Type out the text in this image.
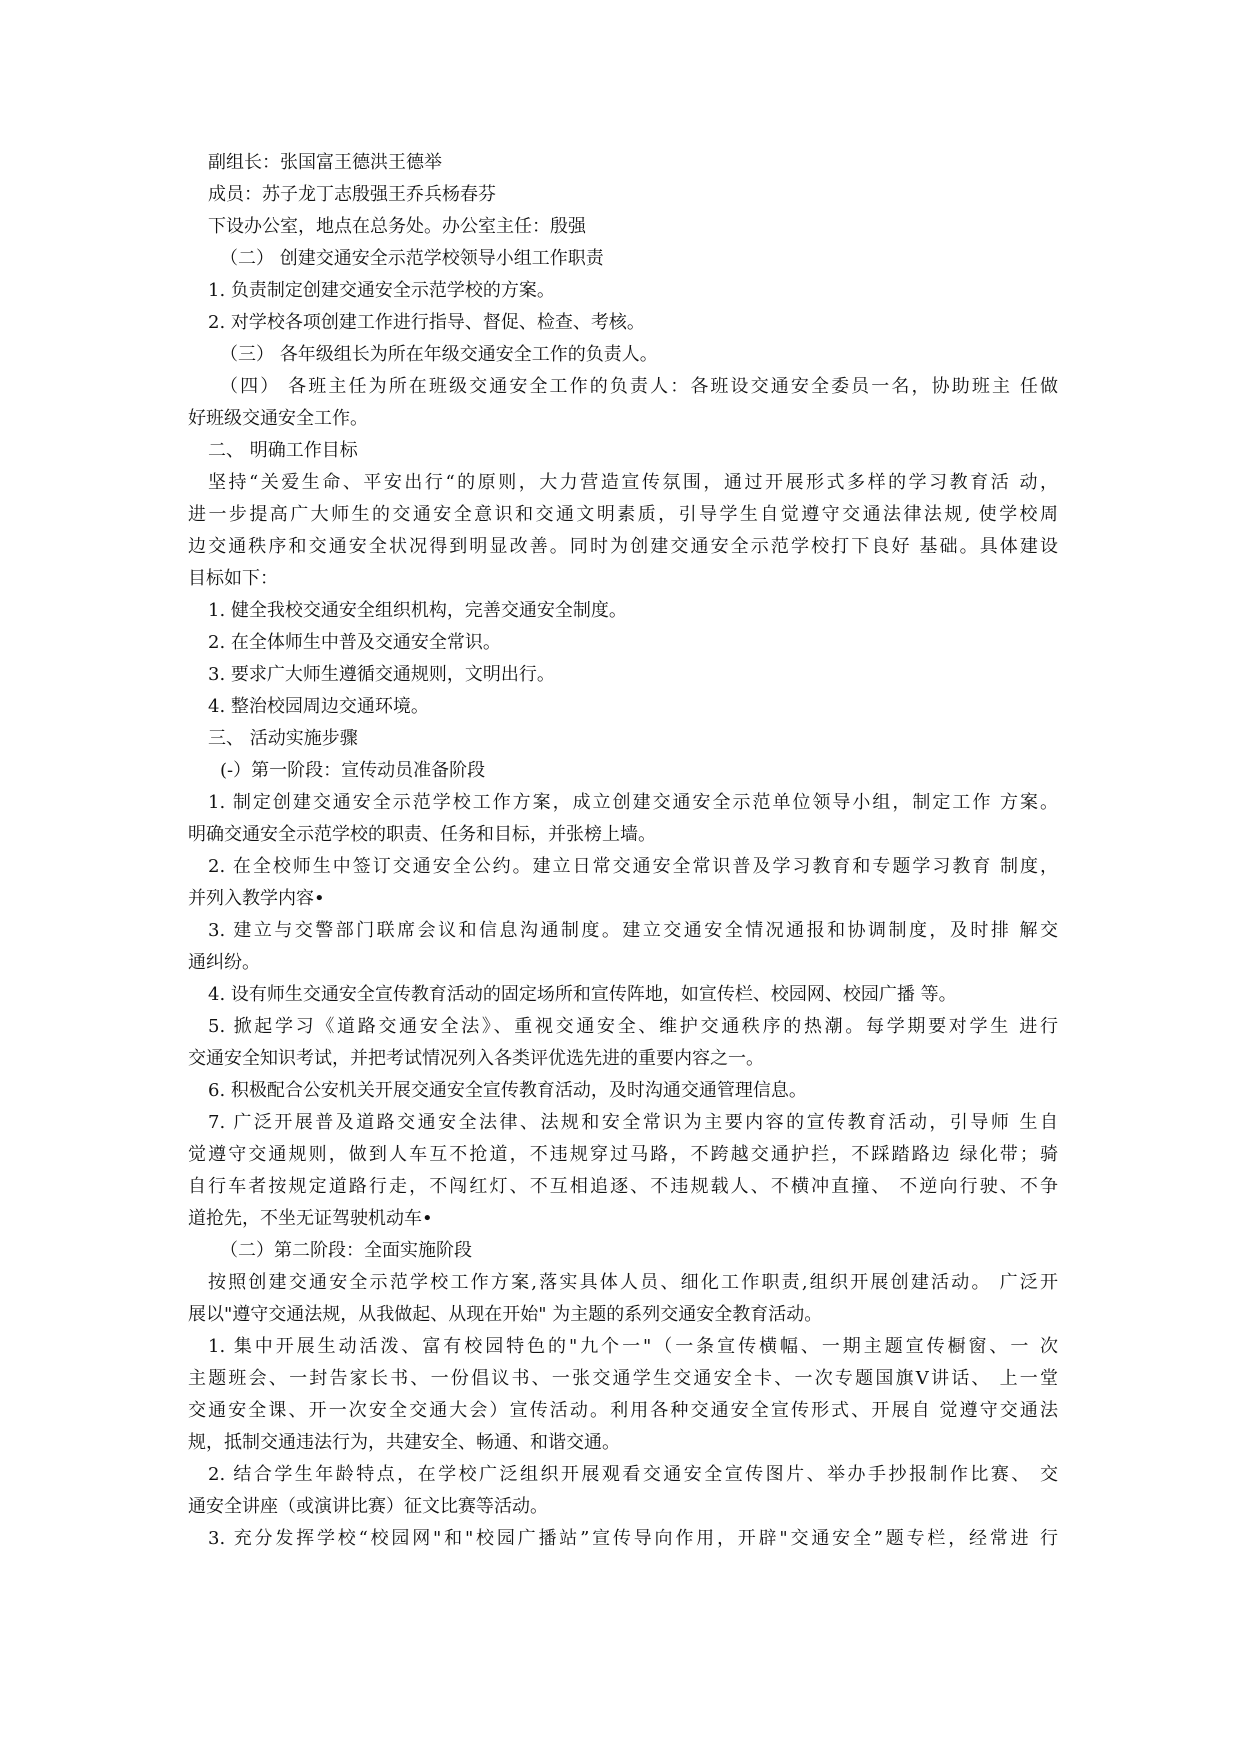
副组长：张国富王德洪王德举
成员：苏子龙丁志殷强王乔兵杨春芬
下设办公室，地点在总务处。办公室主任：殷强
（二） 创建交通安全示范学校领导小组工作职责
1. 负责制定创建交通安全示范学校的方案。
2. 对学校各项创建工作进行指导、督促、检查、考核。
（三） 各年级组长为所在年级交通安全工作的负责人。
（四） 各班主任为所在班级交通安全工作的负责人：各班设交通安全委员一名，协助班主 任做
好班级交通安全工作。
二、 明确工作目标
坚持“关爱生命、平安出行“的原则，大力营造宣传氛围，通过开展形式多样的学习教育活 动，
进一步提高广大师生的交通安全意识和交通文明素质，引导学生自觉遵守交通法律法规, 使学校周
边交通秩序和交通安全状况得到明显改善。同时为创建交通安全示范学校打下良好 基础。具体建设
目标如下：
1. 健全我校交通安全组织机构，完善交通安全制度。
2. 在全体师生中普及交通安全常识。
3. 要求广大师生遵循交通规则，文明出行。
4. 整治校园周边交通环境。
三、 活动实施步骤
(-）第一阶段：宣传动员准备阶段
1. 制定创建交通安全示范学校工作方案，成立创建交通安全示范单位领导小组，制定工作 方案。
明确交通安全示范学校的职责、任务和目标，并张榜上墙。
2. 在全校师生中签订交通安全公约。建立日常交通安全常识普及学习教育和专题学习教育 制度，
并列入教学内容•
3. 建立与交警部门联席会议和信息沟通制度。建立交通安全情况通报和协调制度，及时排 解交
通纠纷。
4. 设有师生交通安全宣传教育活动的固定场所和宣传阵地，如宣传栏、校园网、校园广播 等。
5. 掀起学习《道路交通安全法》、重视交通安全、维护交通秩序的热潮。每学期要对学生 进行
交通安全知识考试，并把考试情况列入各类评优选先进的重要内容之一。
6. 积极配合公安机关开展交通安全宣传教育活动，及时沟通交通管理信息。
7. 广泛开展普及道路交通安全法律、法规和安全常识为主要内容的宣传教育活动，引导师 生自
觉遵守交通规则，做到人车互不抢道，不违规穿过马路，不跨越交通护拦，不踩踏路边 绿化带；骑
自行车者按规定道路行走，不闯红灯、不互相追逐、不违规载人、不横冲直撞、 不逆向行驶、不争
道抢先，不坐无证驾驶机动车•
（二）第二阶段：全面实施阶段
按照创建交通安全示范学校工作方案,落实具体人员、细化工作职责,组织开展创建活动。 广泛开
展以"遵守交通法规，从我做起、从现在开始" 为主题的系列交通安全教育活动。
1. 集中开展生动活泼、富有校园特色的"九个一"（一条宣传横幅、一期主题宣传橱窗、一 次
主题班会、一封告家长书、一份倡议书、一张交通学生交通安全卡、一次专题国旗V讲话、 上一堂
交通安全课、开一次安全交通大会）宣传活动。利用各种交通安全宣传形式、开展自 觉遵守交通法
规，抵制交通违法行为，共建安全、畅通、和谐交通。
2. 结合学生年龄特点，在学校广泛组织开展观看交通安全宣传图片、举办手抄报制作比赛、 交
通安全讲座（或演讲比赛）征文比赛等活动。
3. 充分发挥学校“校园网"和"校园广播站”宣传导向作用，开辟"交通安全”题专栏，经常进 行
